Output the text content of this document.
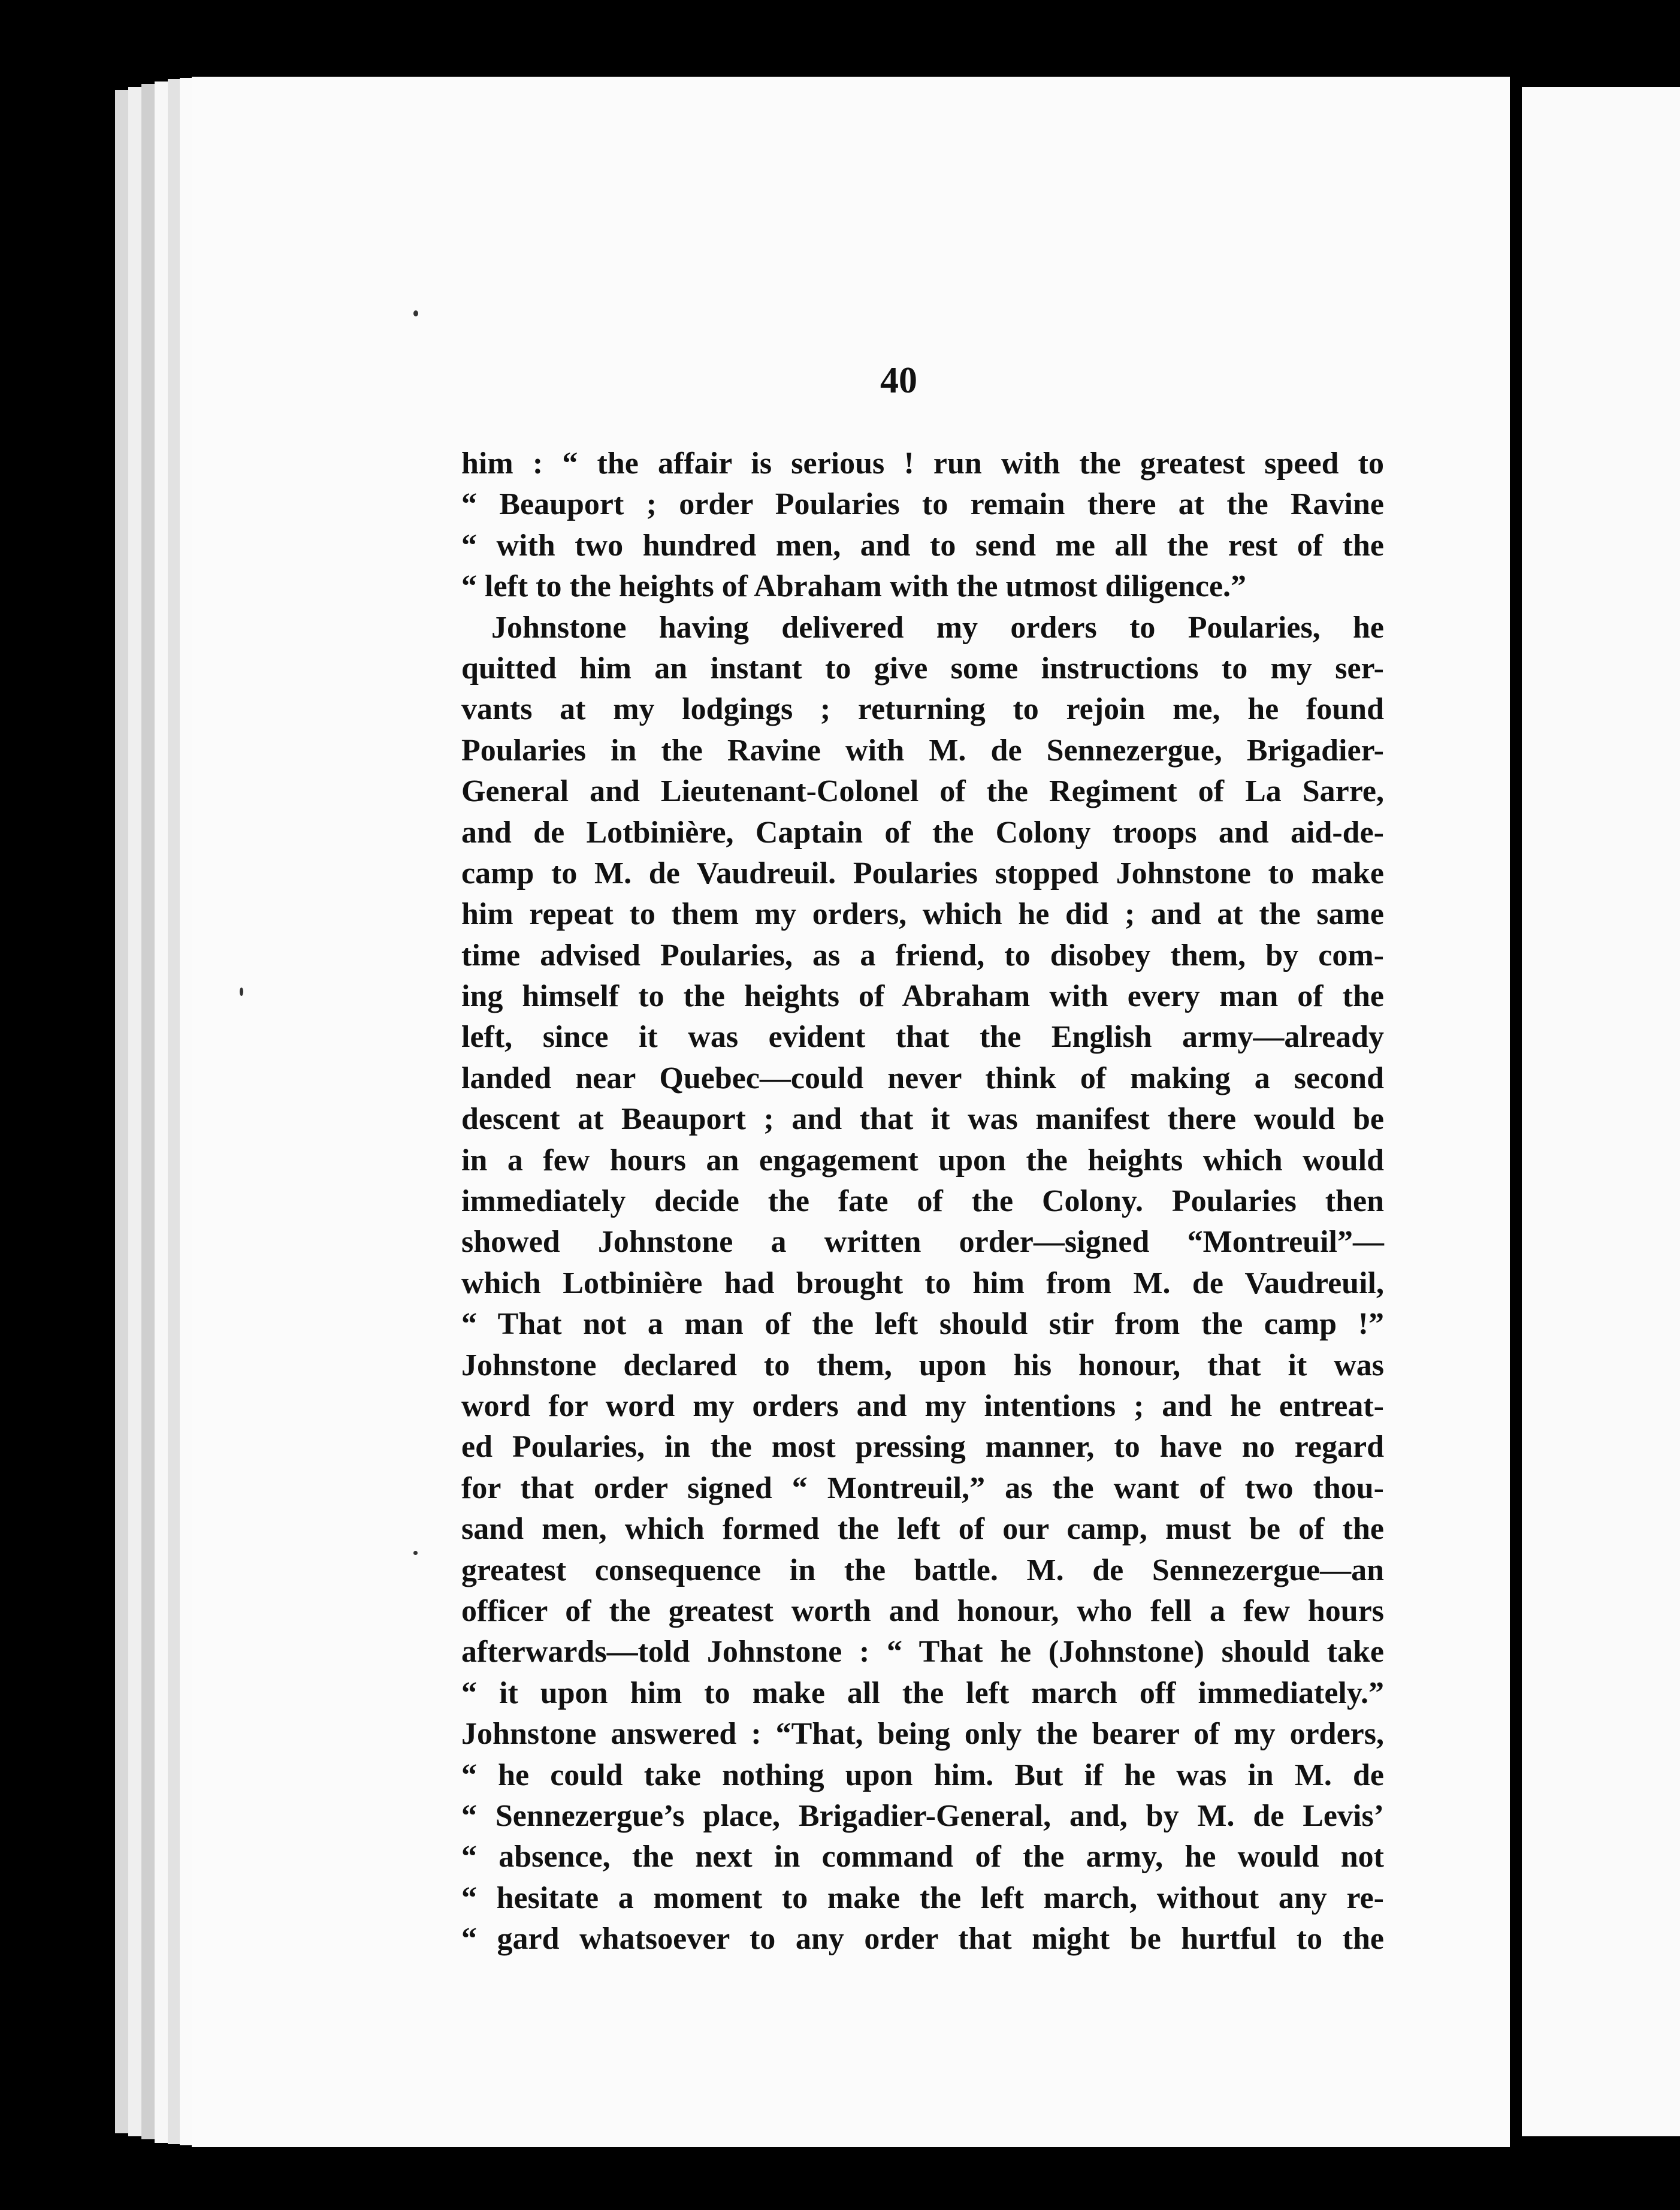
40
him : “ the affair is serious ! run with the greatest speed to
“ Beauport ; order Poularies to remain there at the Ravine
“ with two hundred men, and to send me all the rest of the
“ left to the heights of Abraham with the utmost diligence.”
Johnstone having delivered my orders to Poularies, he
quitted him an instant to give some instructions to my ser-
vants at my lodgings ; returning to rejoin me, he found
Poularies in the Ravine with M. de Sennezergue, Brigadier-
General and Lieutenant-Colonel of the Regiment of La Sarre,
and de Lotbinière, Captain of the Colony troops and aid-de-
camp to M. de Vaudreuil. Poularies stopped Johnstone to make
him repeat to them my orders, which he did ; and at the same
time advised Poularies, as a friend, to disobey them, by com-
ing himself to the heights of Abraham with every man of the
left, since it was evident that the English army—already
landed near Quebec—could never think of making a second
descent at Beauport ; and that it was manifest there would be
in a few hours an engagement upon the heights which would
immediately decide the fate of the Colony. Poularies then
showed Johnstone a written order—signed “Montreuil”—
which Lotbinière had brought to him from M. de Vaudreuil,
“ That not a man of the left should stir from the camp !”
Johnstone declared to them, upon his honour, that it was
word for word my orders and my intentions ; and he entreat-
ed Poularies, in the most pressing manner, to have no regard
for that order signed “ Montreuil,” as the want of two thou-
sand men, which formed the left of our camp, must be of the
greatest consequence in the battle. M. de Sennezergue—an
officer of the greatest worth and honour, who fell a few hours
afterwards—told Johnstone : “ That he (Johnstone) should take
“ it upon him to make all the left march off immediately.”
Johnstone answered : “That, being only the bearer of my orders,
“ he could take nothing upon him. But if he was in M. de
“ Sennezergue’s place, Brigadier-General, and, by M. de Levis’
“ absence, the next in command of the army, he would not
“ hesitate a moment to make the left march, without any re-
“ gard whatsoever to any order that might be hurtful to the
